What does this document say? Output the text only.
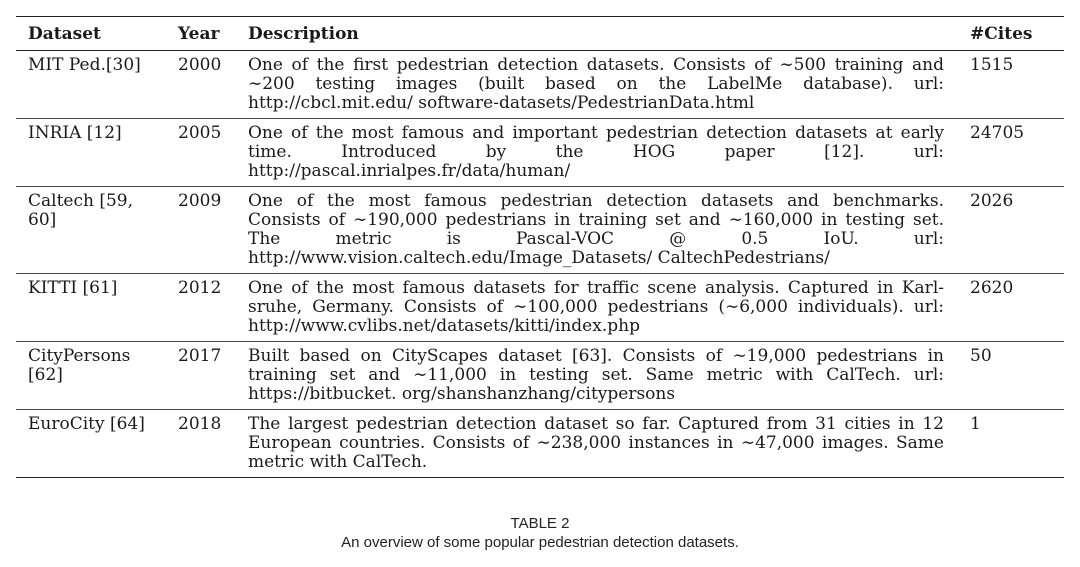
Dataset	Year	Description	#Cites
MIT Ped.[30]	2000	One of the first pedestrian detection datasets. Consists of ∼500 training and ∼200 testing images (built based on the LabelMe database). url: http://cbcl.mit.edu/ software-datasets/PedestrianData.html	1515
INRIA [12]	2005	One of the most famous and important pedestrian detection datasets at early time. Introduced by the HOG paper [12]. url: http://pascal.inrialpes.fr/data/human/	24705
Caltech [59, 60]	2009	One of the most famous pedestrian detection datasets and benchmarks. Consists of ∼190,000 pedestrians in training set and ∼160,000 in testing set. The metric is Pascal-VOC @ 0.5 IoU. url: http://www.vision.caltech.edu/Image_Datasets/ CaltechPedestrians/	2026
KITTI [61]	2012	One of the most famous datasets for traffic scene analysis. Captured in Karl-sruhe, Germany. Consists of ∼100,000 pedestrians (∼6,000 individuals). url: http://www.cvlibs.net/datasets/kitti/index.php	2620
CityPersons [62]	2017	Built based on CityScapes dataset [63]. Consists of ∼19,000 pedestrians in training set and ∼11,000 in testing set. Same metric with CalTech. url: https://bitbucket. org/shanshanzhang/citypersons	50
EuroCity [64]	2018	The largest pedestrian detection dataset so far. Captured from 31 cities in 12 European countries. Consists of ∼238,000 instances in ∼47,000 images. Same metric with CalTech.	1
TABLE 2
An overview of some popular pedestrian detection datasets.
